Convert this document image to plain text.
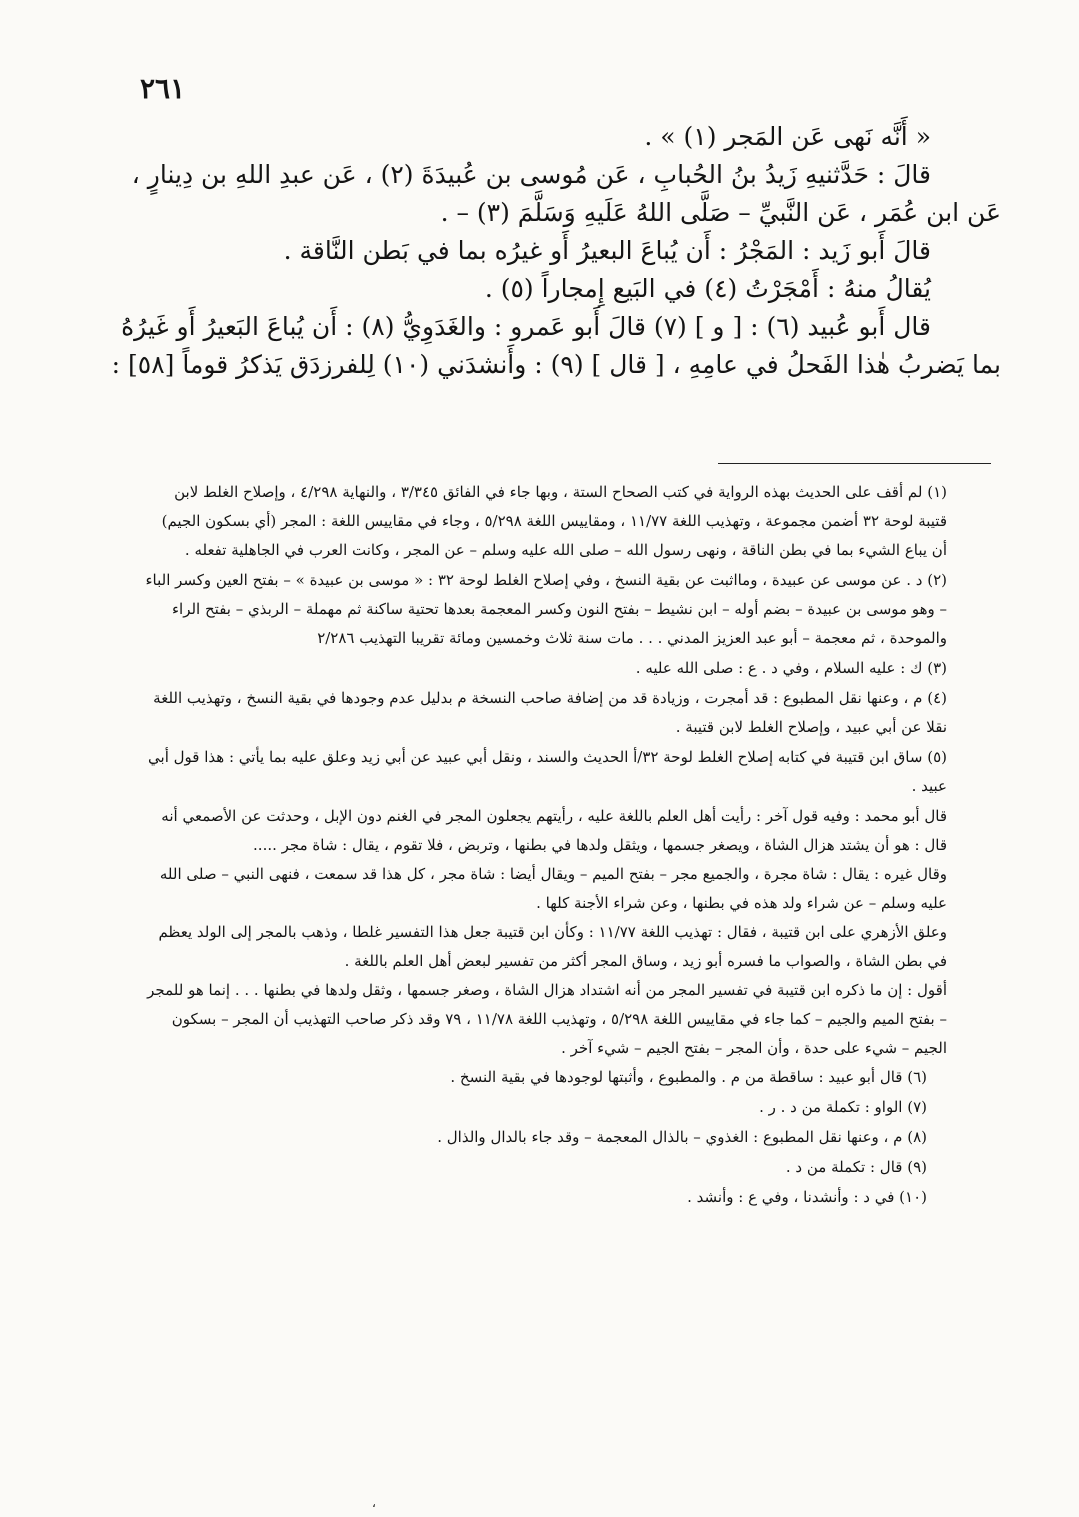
٢٦١

« أَنَّه نَهى عَن المَجر (١) » .

قالَ : حَدَّثنيهِ زَيدُ بنُ الحُبابِ ، عَن مُوسى بن عُبيدَةَ (٢) ، عَن عبدِ اللهِ بن دِينارٍ ،

عَن ابن عُمَر ، عَن النَّبيِّ – صَلَّى اللهُ عَلَيهِ وَسَلَّمَ (٣) – .

قالَ أَبو زَيد : المَجْرُ : أَن يُباعَ البعيرُ أَو غيرُه بما في بَطن النَّاقة .

يُقالُ منهُ : أَمْجَرْتُ (٤) في البَيع إِمجاراً (٥) .

قال أَبو عُبيد (٦) : [ و ] (٧) قالَ أَبو عَمرو : والغَدَوِيُّ (٨) : أَن يُباعَ البَعيرُ أَو غَيرُهُ

بما يَضربُ هٰذا الفَحلُ في عامِهِ ، [ قال ] (٩) : وأَنشدَني (١٠) لِلفرزدَق يَذكرُ قوماً [٥٨] :

(١) لم أقف على الحديث بهذه الرواية في كتب الصحاح الستة ، وبها جاء في الفائق ٣/٣٤٥ ، والنهاية ٤/٢٩٨ ، وإصلاح الغلط لابن قتيبة لوحة ٣٢ أضمن مجموعة ، وتهذيب اللغة ١١/٧٧ ، ومقاييس اللغة ٥/٢٩٨ ، وجاء في مقاييس اللغة : المجر (أي بسكون الجيم) أن يباع الشيء بما في بطن الناقة ، ونهى رسول الله – صلى الله عليه وسلم – عن المجر ، وكانت العرب في الجاهلية تفعله .

(٢) د . عن موسى عن عبيدة ، ومااثبت عن بقية النسخ ، وفي إصلاح الغلط لوحة ٣٢ : « موسى بن عبيدة » – بفتح العين وكسر الباء – وهو موسى بن عبيدة – بضم أوله – ابن نشيط – بفتح النون وكسر المعجمة بعدها تحتية ساكنة ثم مهملة – الربذي – بفتح الراء والموحدة ، ثم معجمة – أبو عبد العزيز المدني . . . مات سنة ثلاث وخمسين ومائة تقريبا التهذيب ٢/٢٨٦

(٣) ك : عليه السلام ، وفي د . ع : صلى الله عليه .

(٤) م ، وعنها نقل المطبوع : قد أمجرت ، وزيادة قد من إضافة صاحب النسخة م بدليل عدم وجودها في بقية النسخ ، وتهذيب اللغة نقلا عن أبي عبيد ، وإصلاح الغلط لابن قتيبة .

(٥) ساق ابن قتيبة في كتابه إصلاح الغلط لوحة ٣٢/أ الحديث والسند ، ونقل أبي عبيد عن أبي زيد وعلق عليه بما يأتي : هذا قول أبي عبيد .

قال أبو محمد : وفيه قول آخر : رأيت أهل العلم باللغة عليه ، رأيتهم يجعلون المجر في الغنم دون الإبل ، وحدثت عن الأصمعي أنه قال : هو أن يشتد هزال الشاة ، ويصغر جسمها ، ويثقل ولدها في بطنها ، وتربض ، فلا تقوم ، يقال : شاة مجر .....

وقال غيره : يقال : شاة مجرة ، والجميع مجر – بفتح الميم – ويقال أيضا : شاة مجر ، كل هذا قد سمعت ، فنهى النبي – صلى الله عليه وسلم – عن شراء ولد هذه في بطنها ، وعن شراء الأجنة كلها .

وعلق الأزهري على ابن قتيبة ، فقال : تهذيب اللغة ١١/٧٧ : وكأن ابن قتيبة جعل هذا التفسير غلطا ، وذهب بالمجر إلى الولد يعظم في بطن الشاة ، والصواب ما فسره أبو زيد ، وساق المجر أكثر من تفسير لبعض أهل العلم باللغة .

أقول : إن ما ذكره ابن قتيبة في تفسير المجر من أنه اشتداد هزال الشاة ، وصغر جسمها ، وثقل ولدها في بطنها . . . إنما هو للمجر – بفتح الميم والجيم – كما جاء في مقاييس اللغة ٥/٢٩٨ ، وتهذيب اللغة ١١/٧٨ ، ٧٩ وقد ذكر صاحب التهذيب أن المجر – بسكون الجيم – شيء على حدة ، وأن المجر – بفتح الجيم – شيء آخر .

(٦) قال أبو عبيد : ساقطة من م . والمطبوع ، وأثبتها لوجودها في بقية النسخ .

(٧) الواو : تكملة من د . ر .

(٨) م ، وعنها نقل المطبوع : الغذوي – بالذال المعجمة – وقد جاء بالدال والذال .

(٩) قال : تكملة من د .

(١٠) في د : وأنشدنا ، وفي ع : وأنشد .

،
